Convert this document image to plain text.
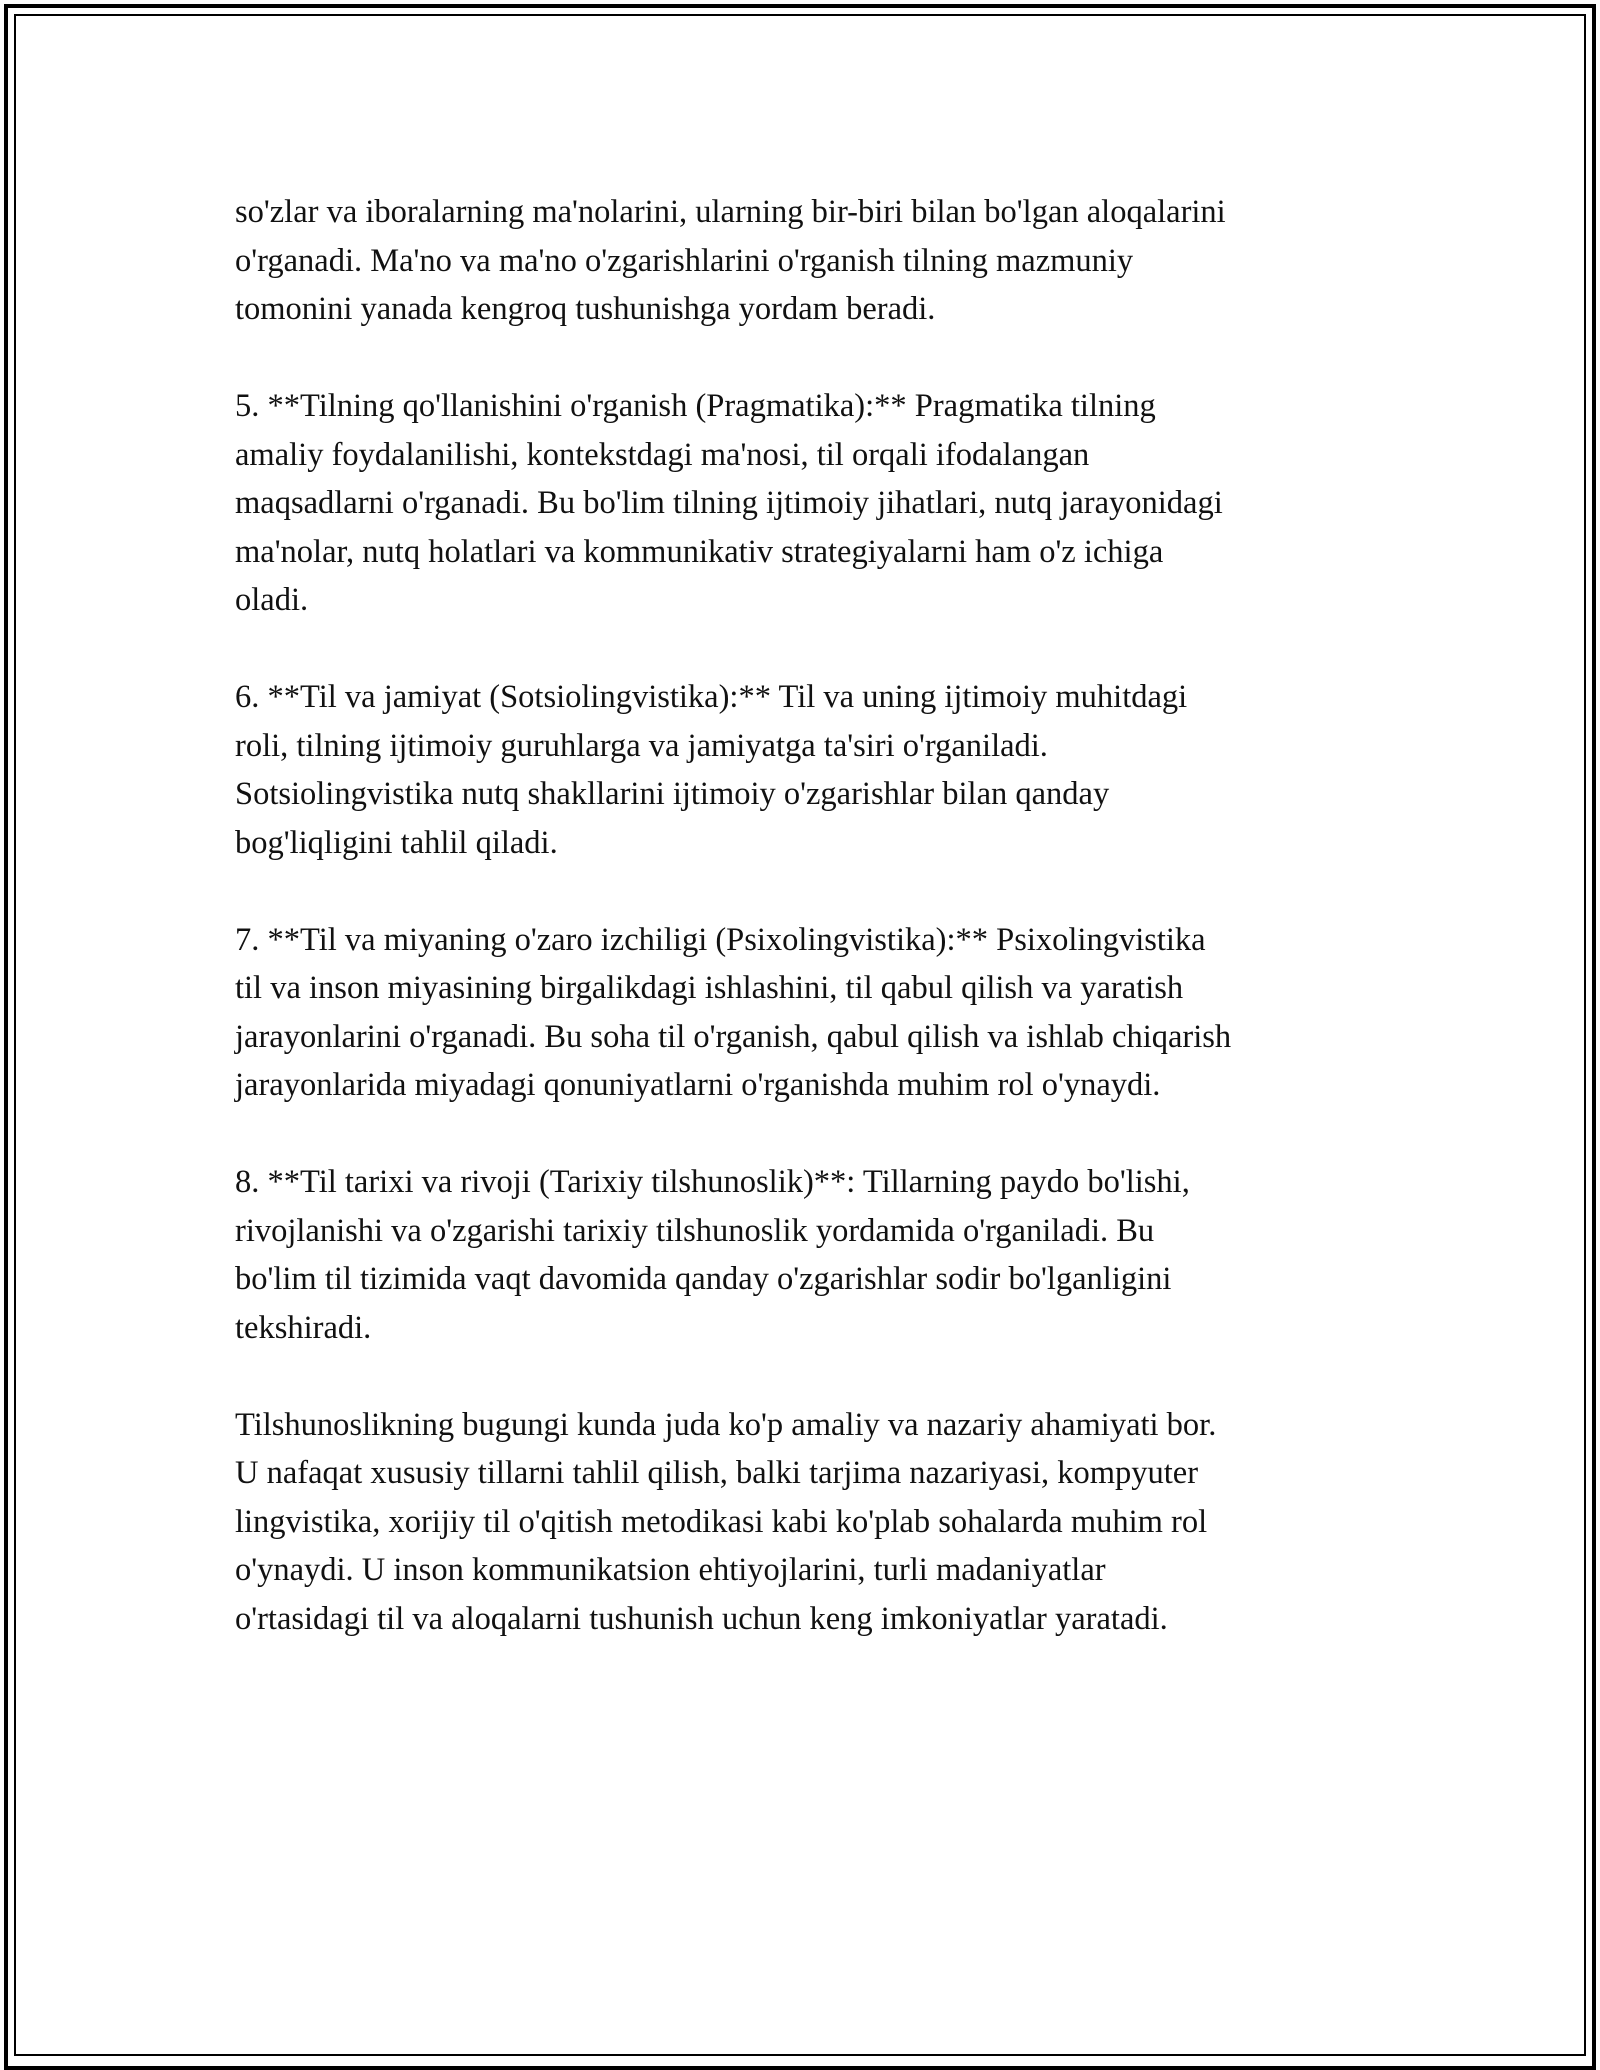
so'zlar va iboralarning ma'nolarini, ularning bir-biri bilan bo'lgan aloqalarini
o'rganadi. Ma'no va ma'no o'zgarishlarini o'rganish tilning mazmuniy
tomonini yanada kengroq tushunishga yordam beradi.

5. **Tilning qo'llanishini o'rganish (Pragmatika):** Pragmatika tilning
amaliy foydalanilishi, kontekstdagi ma'nosi, til orqali ifodalangan
maqsadlarni o'rganadi. Bu bo'lim tilning ijtimoiy jihatlari, nutq jarayonidagi
ma'nolar, nutq holatlari va kommunikativ strategiyalarni ham o'z ichiga
oladi.

6. **Til va jamiyat (Sotsiolingvistika):** Til va uning ijtimoiy muhitdagi
roli, tilning ijtimoiy guruhlarga va jamiyatga ta'siri o'rganiladi.
Sotsiolingvistika nutq shakllarini ijtimoiy o'zgarishlar bilan qanday
bog'liqligini tahlil qiladi.

7. **Til va miyaning o'zaro izchiligi (Psixolingvistika):** Psixolingvistika
til va inson miyasining birgalikdagi ishlashini, til qabul qilish va yaratish
jarayonlarini o'rganadi. Bu soha til o'rganish, qabul qilish va ishlab chiqarish
jarayonlarida miyadagi qonuniyatlarni o'rganishda muhim rol o'ynaydi.

8. **Til tarixi va rivoji (Tarixiy tilshunoslik)**: Tillarning paydo bo'lishi,
rivojlanishi va o'zgarishi tarixiy tilshunoslik yordamida o'rganiladi. Bu
bo'lim til tizimida vaqt davomida qanday o'zgarishlar sodir bo'lganligini
tekshiradi.

Tilshunoslikning bugungi kunda juda ko'p amaliy va nazariy ahamiyati bor.
U nafaqat xususiy tillarni tahlil qilish, balki tarjima nazariyasi, kompyuter
lingvistika, xorijiy til o'qitish metodikasi kabi ko'plab sohalarda muhim rol
o'ynaydi. U inson kommunikatsion ehtiyojlarini, turli madaniyatlar
o'rtasidagi til va aloqalarni tushunish uchun keng imkoniyatlar yaratadi.
